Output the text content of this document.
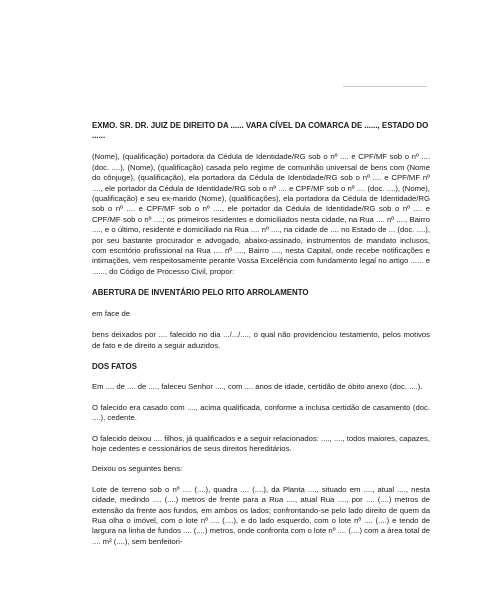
EXMO. SR. DR. JUIZ DE DIREITO DA ...... VARA CÍVEL DA COMARCA DE ......, ESTADO DO ......

(Nome), (qualificação) portadora da Cédula de Identidade/RG sob o nº .... e CPF/MF sob o nº .... (doc. ....), (Nome), (qualificação) casada pelo regime de comunhão universal de bens com (Nome do cônjuge), (qualificação), ela portadora da Cédula de Identidade/RG sob o nº .... e CPF/MF nº ...., ele portador da Cédula de Identidade/RG sob o nº .... e CPF/MF sob o nº .... (doc. ....), (Nome), (qualificação) e seu ex-marido (Nome), (qualificações), ela portadora da Cédula de Identidade/RG sob o nº .... e CPF/MF sob o nº ...., ele portador da Cédula de Identidade/RG sob o nº .... e CPF/MF sob o nº ....; os primeiros residentes e domiciliados nesta cidade, na Rua .... nº ...., Bairro ...., e o último, residente e domiciliado na Rua .... nº ...., na cidade de .... no Estado de ... (doc. ....), por seu bastante procurador e advogado, abaixo-assinado, instrumentos de mandato inclusos, com escritório profissional na Rua .... nº ...., Bairro ...., nesta Capital, onde recebe notificações e intimações, vem respeitosamente perante Vossa Excelência com fundamento legal no artigo ...... e ......, do Código de Processo Civil, propor:

ABERTURA DE INVENTÁRIO PELO RITO ARROLAMENTO

em face de

bens deixados por .... falecido no dia .../.../...., o qual não providenciou testamento, pelos motivos de fato e de direito a seguir aduzidos.

DOS FATOS

Em .... de .... de ...., faleceu Senhor ...., com .... anos de idade, certidão de óbito anexo (doc. ....).

O falecido era casado com ...., acima qualificada, conforme a inclusa certidão de casamento (doc. ....), cedente.

O falecido deixou .... filhos, já qualificados e a seguir relacionados: ...., ...., todos maiores, capazes, hoje cedentes e cessionários de seus direitos hereditários.

Deixou os seguintes bens:

Lote de terreno sob o nº .... (....), quadra .... (....), da Planta ...., situado em ...., atual ...., nesta cidade, medindo .... (....) metros de frente para a Rua ...., atual Rua ...., por .... (....) metros de extensão da frente aos fundos, em ambos os lados; confrontando-se pelo lado direito de quem da Rua olha o imóvel, com o lote nº .... (....), e do lado esquerdo, com o lote nº .... (....) e tendo de largura na linha de fundos .... (....) metros, onde confronta com o lote nº .... (....) com a área total de .... m² (....), sem benfeitori-
